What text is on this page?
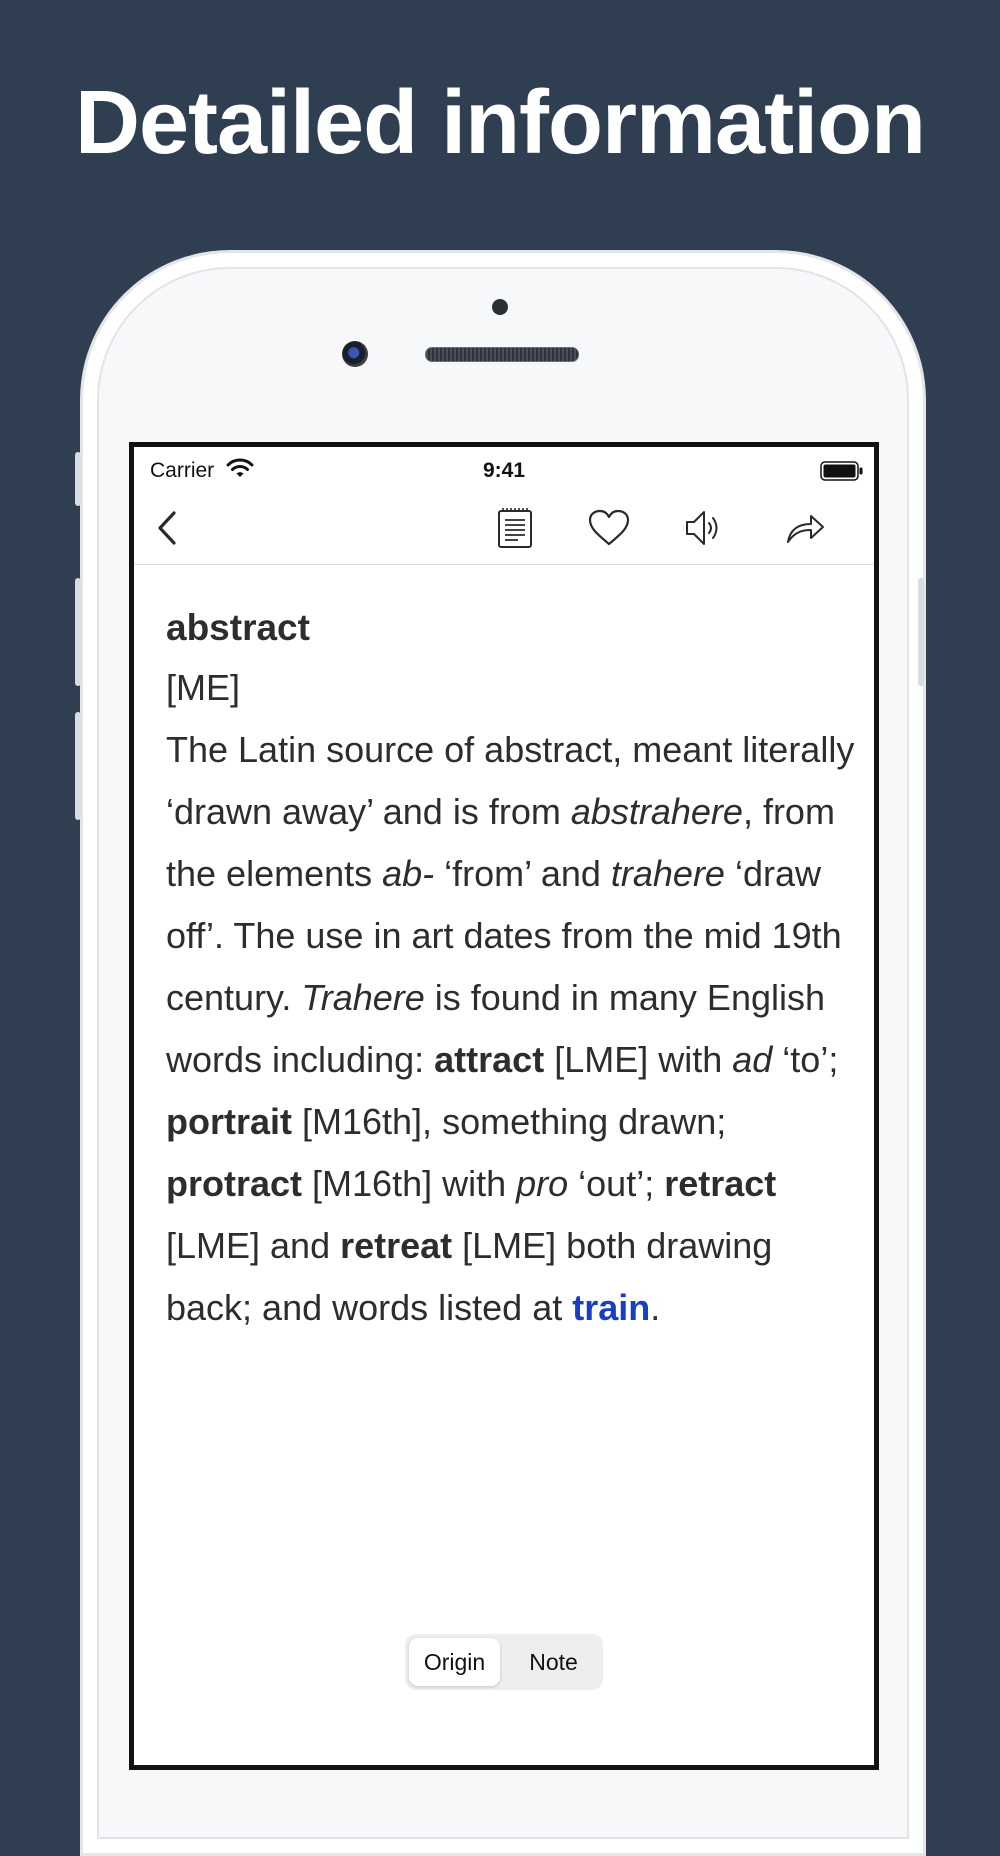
Detailed information
Carrier	9:41
abstract
[ME]
The Latin source of abstract, meant literally ‘drawn away’ and is from abstrahere, from the elements ab- ‘from’ and trahere ‘draw off’. The use in art dates from the mid 19th century. Trahere is found in many English words including: attract [LME] with ad ‘to’; portrait [M16th], something drawn; protract [M16th] with pro ‘out’; retract [LME] and retreat [LME] both drawing back; and words listed at train.
Origin	Note
